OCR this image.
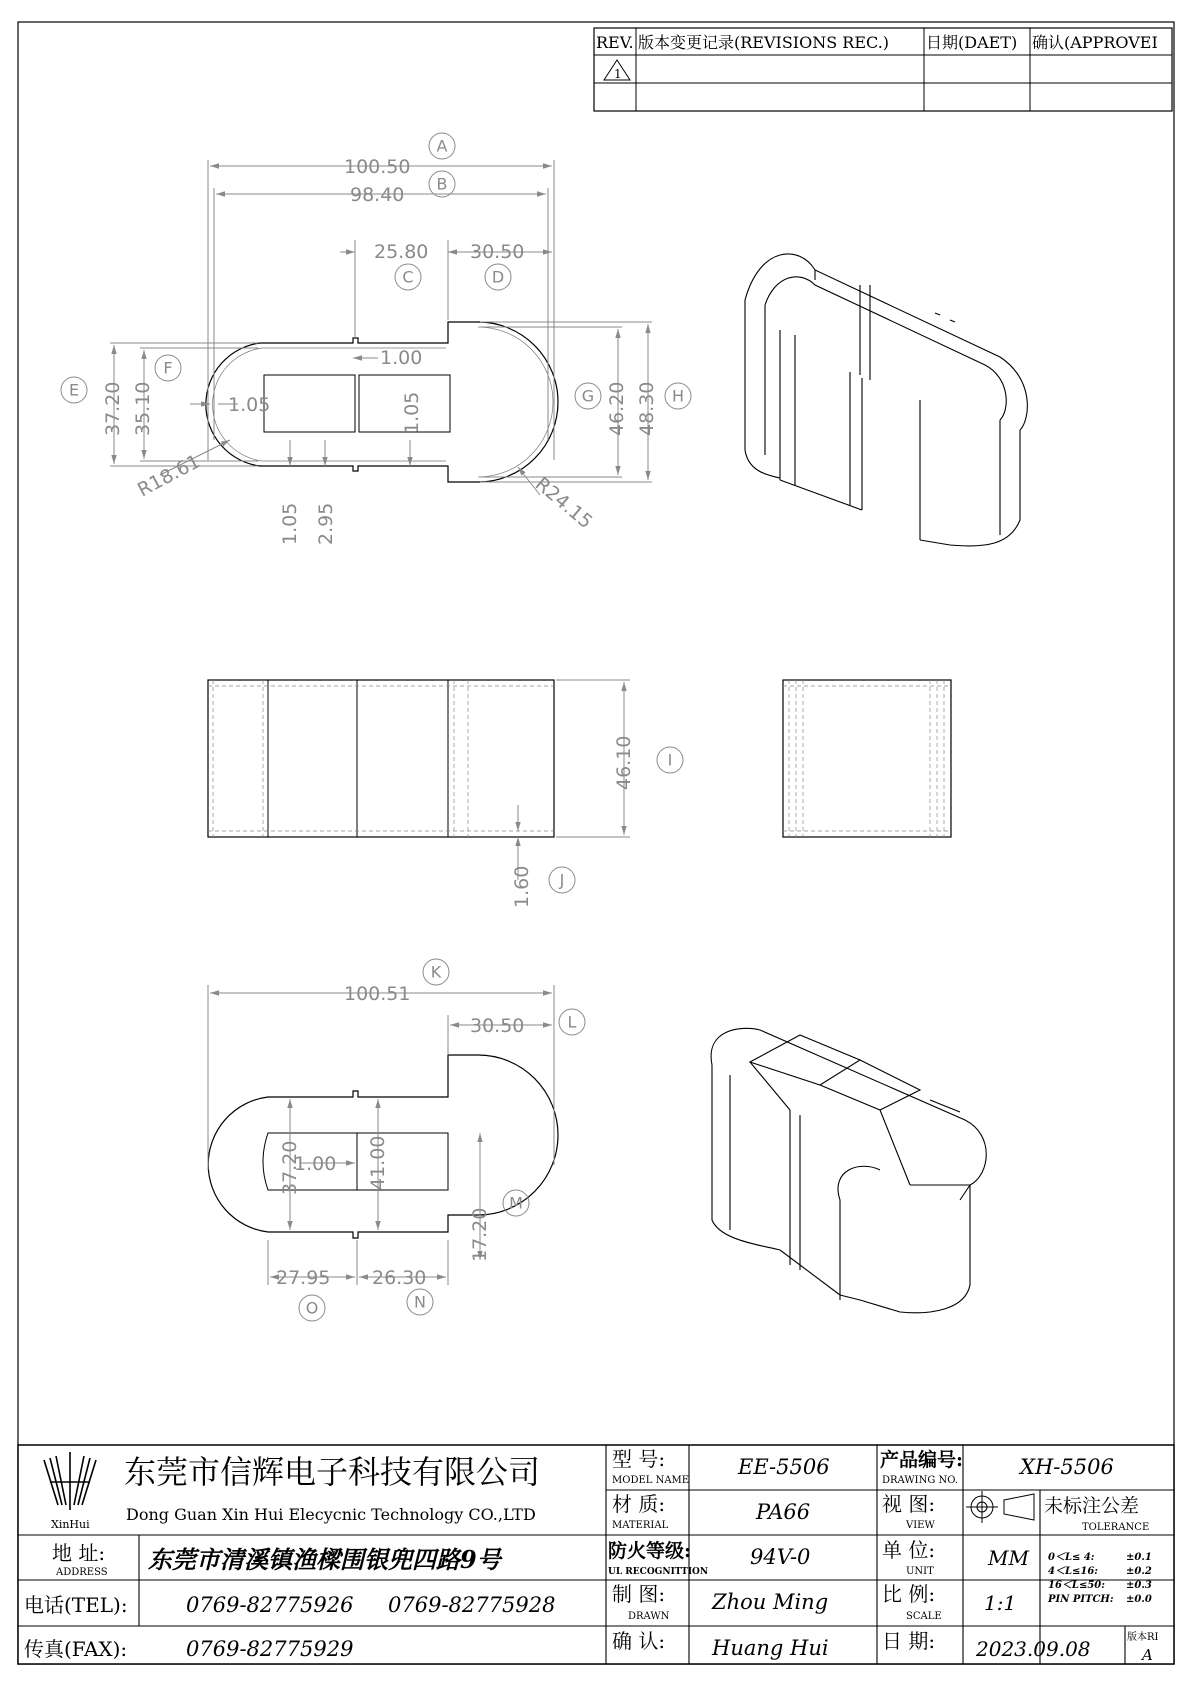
REV. 版本变更记录(REVISIONS REC.) 日期(DAET) 确认(APPROVEI
1
100.50
98.40
25.80 30.50
1.00
1.05
37.20 35.10	46.20 48.30
1.05
1.05 2.95
R18.61	R24.15
A
B
C	D
E
F
G	H
46.10
1.60
I
J
100.51
30.50
1.00
37.20	41.00
17.20
27.95 26.30
K
L
M
N
O
XinHui
东莞市信辉电子科技有限公司
Dong Guan Xin Hui Elecycnic Technology CO.,LTD
地 址:
ADDRESS 东莞市清溪镇渔樑围银兜四路9号
电话(TEL):	0769-82775926 0769-82775928
传真(FAX):	0769-82775929
型 号:
MODEL NAME
EE-5506
材 质:
MATERIAL
PA66
防火等级:
UL RECOGNITTION
94V-0
制 图:
DRAWN
Zhou Ming
确 认: Huang Hui
产品编号:
DRAWING NO.
XH-5506
视 图:
VIEW
未标注公差
TOLERANCE
单 位:
UNIT
MM
比 例:
SCALE
1:1
日 期: 2023.09.08
0＜L≤ 4:	±0.1
4＜L≤16:	±0.2
16＜L≤50: ±0.3
PIN PITCH: ±0.0
版本RI
A
